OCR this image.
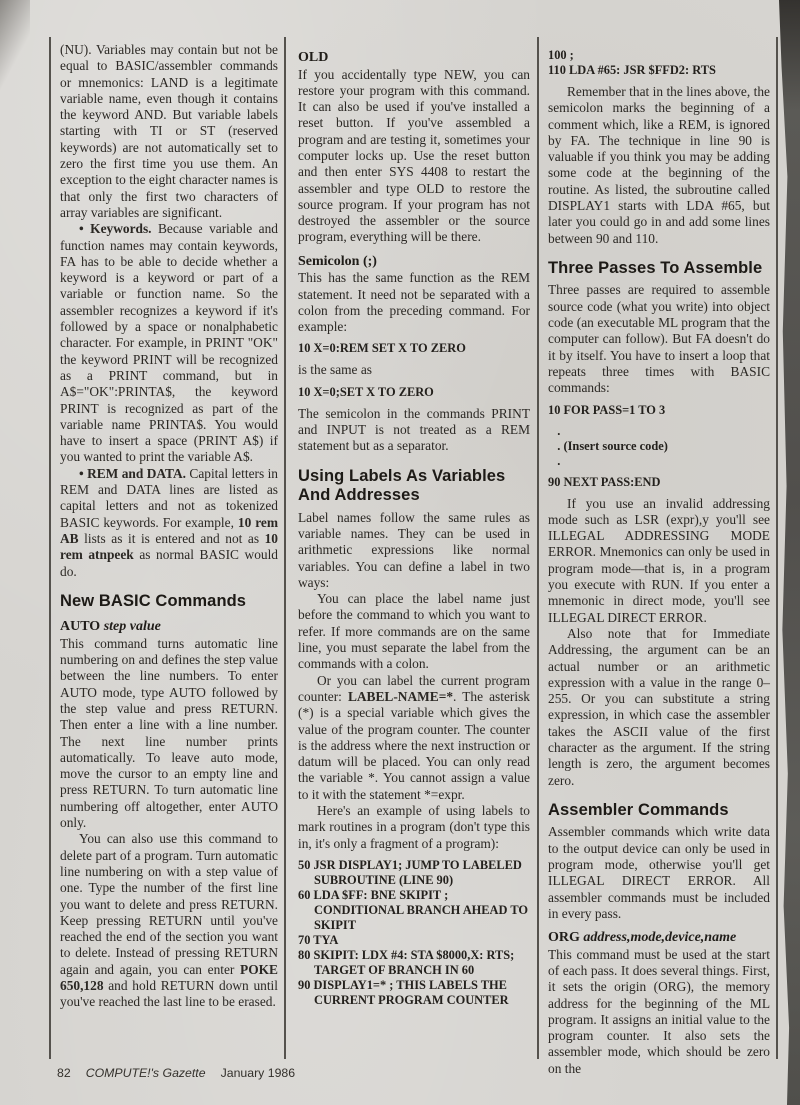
(NU). Variables may contain but not be equal to BASIC/assembler commands or mnemonics: LAND is a legitimate variable name, even though it contains the keyword AND. But variable labels starting with TI or ST (reserved keywords) are not automatically set to zero the first time you use them. An exception to the eight character names is that only the first two characters of array variables are significant.
• Keywords. Because variable and function names may contain keywords, FA has to be able to decide whether a keyword is a keyword or part of a variable or function name. So the assembler recognizes a keyword if it's followed by a space or nonalphabetic character. For example, in PRINT "OK" the keyword PRINT will be recognized as a PRINT command, but in A$="OK":PRINTA$, the keyword PRINT is recognized as part of the variable name PRINTA$. You would have to insert a space (PRINT A$) if you wanted to print the variable A$.
• REM and DATA. Capital letters in REM and DATA lines are listed as capital letters and not as tokenized BASIC keywords. For example, 10 rem AB lists as it is entered and not as 10 rem atnpeek as normal BASIC would do.
New BASIC Commands
AUTO step value
This command turns automatic line numbering on and defines the step value between the line numbers. To enter AUTO mode, type AUTO followed by the step value and press RETURN. Then enter a line with a line number. The next line number prints automatically. To leave auto mode, move the cursor to an empty line and press RETURN. To turn automatic line numbering off altogether, enter AUTO only.
You can also use this command to delete part of a program. Turn automatic line numbering on with a step value of one. Type the number of the first line you want to delete and press RETURN. Keep pressing RETURN until you've reached the end of the section you want to delete. Instead of pressing RETURN again and again, you can enter POKE 650,128 and hold RETURN down until you've reached the last line to be erased.
OLD
If you accidentally type NEW, you can restore your program with this command. It can also be used if you've installed a reset button. If you've assembled a program and are testing it, sometimes your computer locks up. Use the reset button and then enter SYS 4408 to restart the assembler and type OLD to restore the source program. If your program has not destroyed the assembler or the source program, everything will be there.
Semicolon (;)
This has the same function as the REM statement. It need not be separated with a colon from the preceding command. For example:
10 X=0:REM SET X TO ZERO
is the same as
10 X=0;SET X TO ZERO
The semicolon in the commands PRINT and INPUT is not treated as a REM statement but as a separator.
Using Labels As Variables And Addresses
Label names follow the same rules as variable names. They can be used in arithmetic expressions like normal variables. You can define a label in two ways:
You can place the label name just before the command to which you want to refer. If more commands are on the same line, you must separate the label from the commands with a colon.
Or you can label the current program counter: LABEL-NAME=*. The asterisk (*) is a special variable which gives the value of the program counter. The counter is the address where the next instruction or datum will be placed. You can only read the variable *. You cannot assign a value to it with the statement *=expr.
Here's an example of using labels to mark routines in a program (don't type this in, it's only a fragment of a program):
50 JSR DISPLAY1; JUMP TO LABELED SUBROUTINE (LINE 90)
60 LDA $FF: BNE SKIPIT ; CONDITIONAL BRANCH AHEAD TO SKIPIT
70 TYA
80 SKIPIT: LDX #4: STA $8000,X: RTS; TARGET OF BRANCH IN 60
90 DISPLAY1=* ; THIS LABELS THE CURRENT PROGRAM COUNTER
100 ;
110 LDA #65: JSR $FFD2: RTS
Remember that in the lines above, the semicolon marks the beginning of a comment which, like a REM, is ignored by FA. The technique in line 90 is valuable if you think you may be adding some code at the beginning of the routine. As listed, the subroutine called DISPLAY1 starts with LDA #65, but later you could go in and add some lines between 90 and 110.
Three Passes To Assemble
Three passes are required to assemble source code (what you write) into object code (an executable ML program that the computer can follow). But FA doesn't do it by itself. You have to insert a loop that repeats three times with BASIC commands:
10 FOR PASS=1 TO 3
.
. (Insert source code)
.
90 NEXT PASS:END
If you use an invalid addressing mode such as LSR (expr),y you'll see ILLEGAL ADDRESSING MODE ERROR. Mnemonics can only be used in program mode—that is, in a program you execute with RUN. If you enter a mnemonic in direct mode, you'll see ILLEGAL DIRECT ERROR.
Also note that for Immediate Addressing, the argument can be an actual number or an arithmetic expression with a value in the range 0–255. Or you can substitute a string expression, in which case the assembler takes the ASCII value of the first character as the argument. If the string length is zero, the argument becomes zero.
Assembler Commands
Assembler commands which write data to the output device can only be used in program mode, otherwise you'll get ILLEGAL DIRECT ERROR. All assembler commands must be included in every pass.
ORG address,mode,device,name
This command must be used at the start of each pass. It does several things. First, it sets the origin (ORG), the memory address for the beginning of the ML program. It assigns an initial value to the program counter. It also sets the assembler mode, which should be zero on the
82 COMPUTE!'s Gazette January 1986
